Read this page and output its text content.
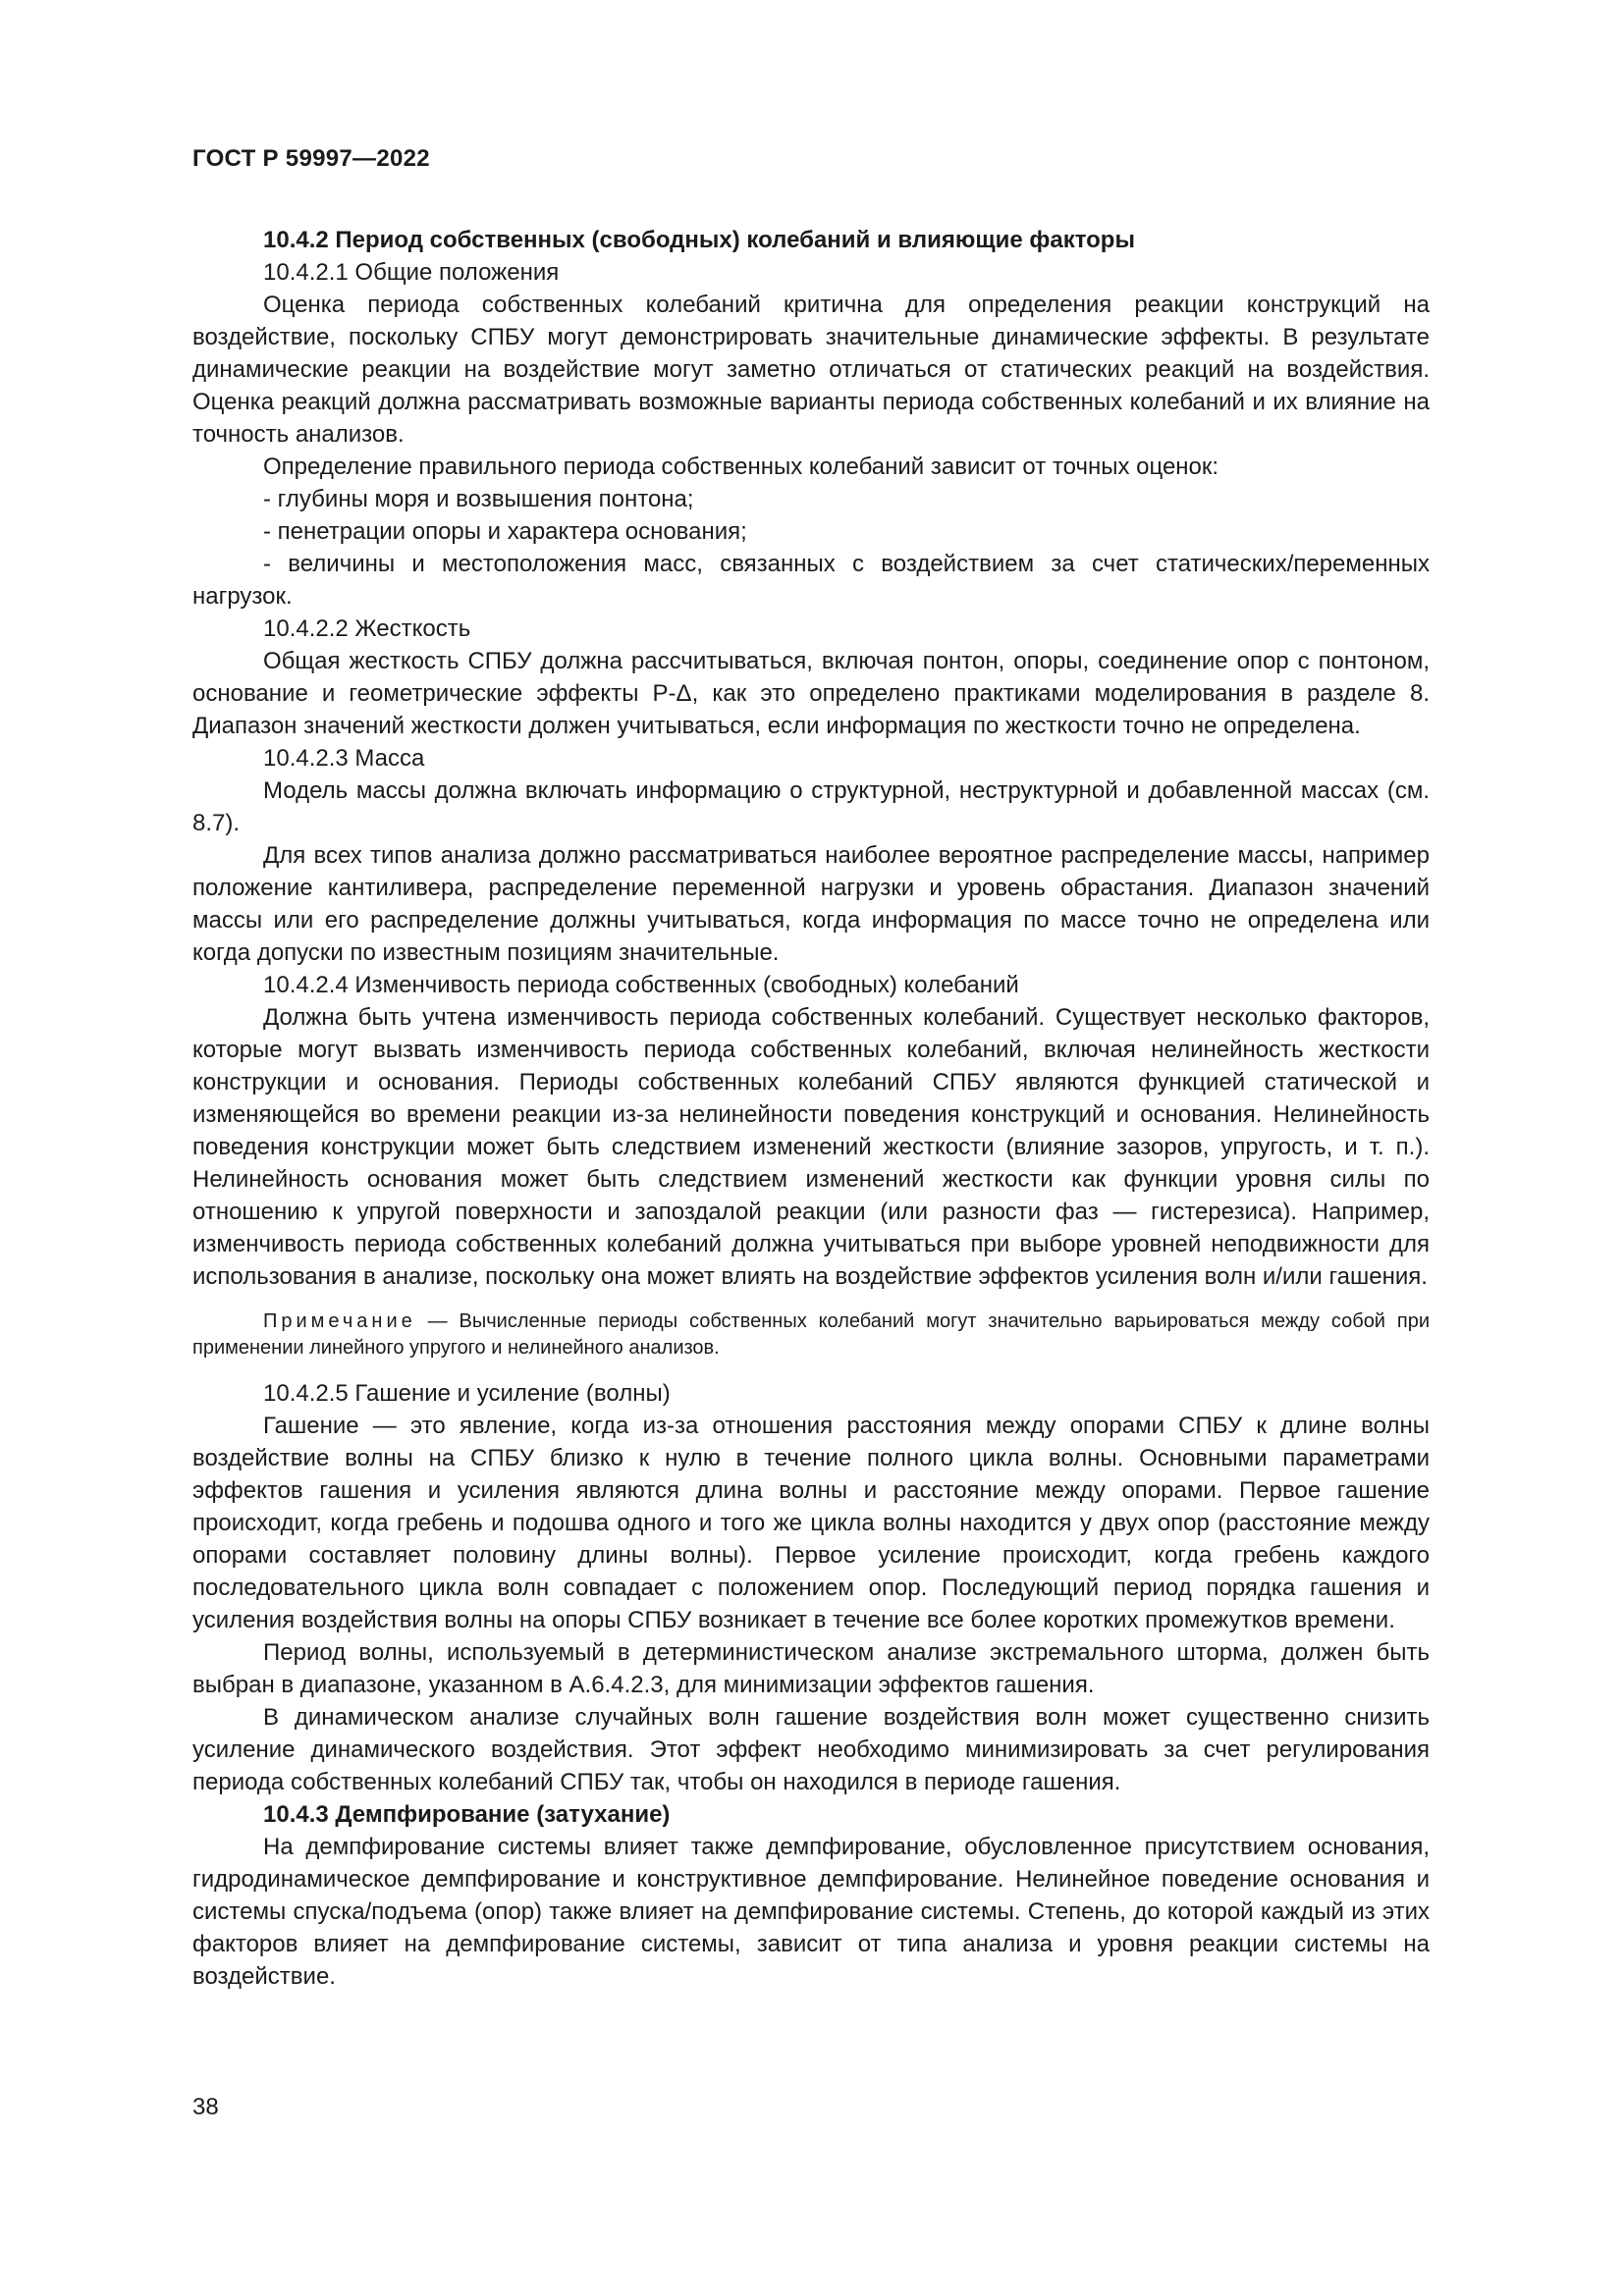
ГОСТ Р 59997—2022

10.4.2 Период собственных (свободных) колебаний и влияющие факторы

10.4.2.1 Общие положения

Оценка периода собственных колебаний критична для определения реакции конструкций на воздействие, поскольку СПБУ могут демонстрировать значительные динамические эффекты. В результате динамические реакции на воздействие могут заметно отличаться от статических реакций на воздействия. Оценка реакций должна рассматривать возможные варианты периода собственных колебаний и их влияние на точность анализов.

Определение правильного периода собственных колебаний зависит от точных оценок:

- глубины моря и возвышения понтона;

- пенетрации опоры и характера основания;

- величины и местоположения масс, связанных с воздействием за счет статических/переменных нагрузок.

10.4.2.2 Жесткость

Общая жесткость СПБУ должна рассчитываться, включая понтон, опоры, соединение опор с понтоном, основание и геометрические эффекты P-Δ, как это определено практиками моделирования в разделе 8. Диапазон значений жесткости должен учитываться, если информация по жесткости точно не определена.

10.4.2.3 Масса

Модель массы должна включать информацию о структурной, неструктурной и добавленной массах (см. 8.7).

Для всех типов анализа должно рассматриваться наиболее вероятное распределение массы, например положение кантиливера, распределение переменной нагрузки и уровень обрастания. Диапазон значений массы или его распределение должны учитываться, когда информация по массе точно не определена или когда допуски по известным позициям значительные.

10.4.2.4 Изменчивость периода собственных (свободных) колебаний

Должна быть учтена изменчивость периода собственных колебаний. Существует несколько факторов, которые могут вызвать изменчивость периода собственных колебаний, включая нелинейность жесткости конструкции и основания. Периоды собственных колебаний СПБУ являются функцией статической и изменяющейся во времени реакции из-за нелинейности поведения конструкций и основания. Нелинейность поведения конструкции может быть следствием изменений жесткости (влияние зазоров, упругость, и т. п.). Нелинейность основания может быть следствием изменений жесткости как функции уровня силы по отношению к упругой поверхности и запоздалой реакции (или разности фаз — гистерезиса). Например, изменчивость периода собственных колебаний должна учитываться при выборе уровней неподвижности для использования в анализе, поскольку она может влиять на воздействие эффектов усиления волн и/или гашения.

Примечание — Вычисленные периоды собственных колебаний могут значительно варьироваться между собой при применении линейного упругого и нелинейного анализов.

10.4.2.5 Гашение и усиление (волны)

Гашение — это явление, когда из-за отношения расстояния между опорами СПБУ к длине волны воздействие волны на СПБУ близко к нулю в течение полного цикла волны. Основными параметрами эффектов гашения и усиления являются длина волны и расстояние между опорами. Первое гашение происходит, когда гребень и подошва одного и того же цикла волны находится у двух опор (расстояние между опорами составляет половину длины волны). Первое усиление происходит, когда гребень каждого последовательного цикла волн совпадает с положением опор. Последующий период порядка гашения и усиления воздействия волны на опоры СПБУ возникает в течение все более коротких промежутков времени.

Период волны, используемый в детерминистическом анализе экстремального шторма, должен быть выбран в диапазоне, указанном в А.6.4.2.3, для минимизации эффектов гашения.

В динамическом анализе случайных волн гашение воздействия волн может существенно снизить усиление динамического воздействия. Этот эффект необходимо минимизировать за счет регулирования периода собственных колебаний СПБУ так, чтобы он находился в периоде гашения.

10.4.3 Демпфирование (затухание)

На демпфирование системы влияет также демпфирование, обусловленное присутствием основания, гидродинамическое демпфирование и конструктивное демпфирование. Нелинейное поведение основания и системы спуска/подъема (опор) также влияет на демпфирование системы. Степень, до которой каждый из этих факторов влияет на демпфирование системы, зависит от типа анализа и уровня реакции системы на воздействие.

38
